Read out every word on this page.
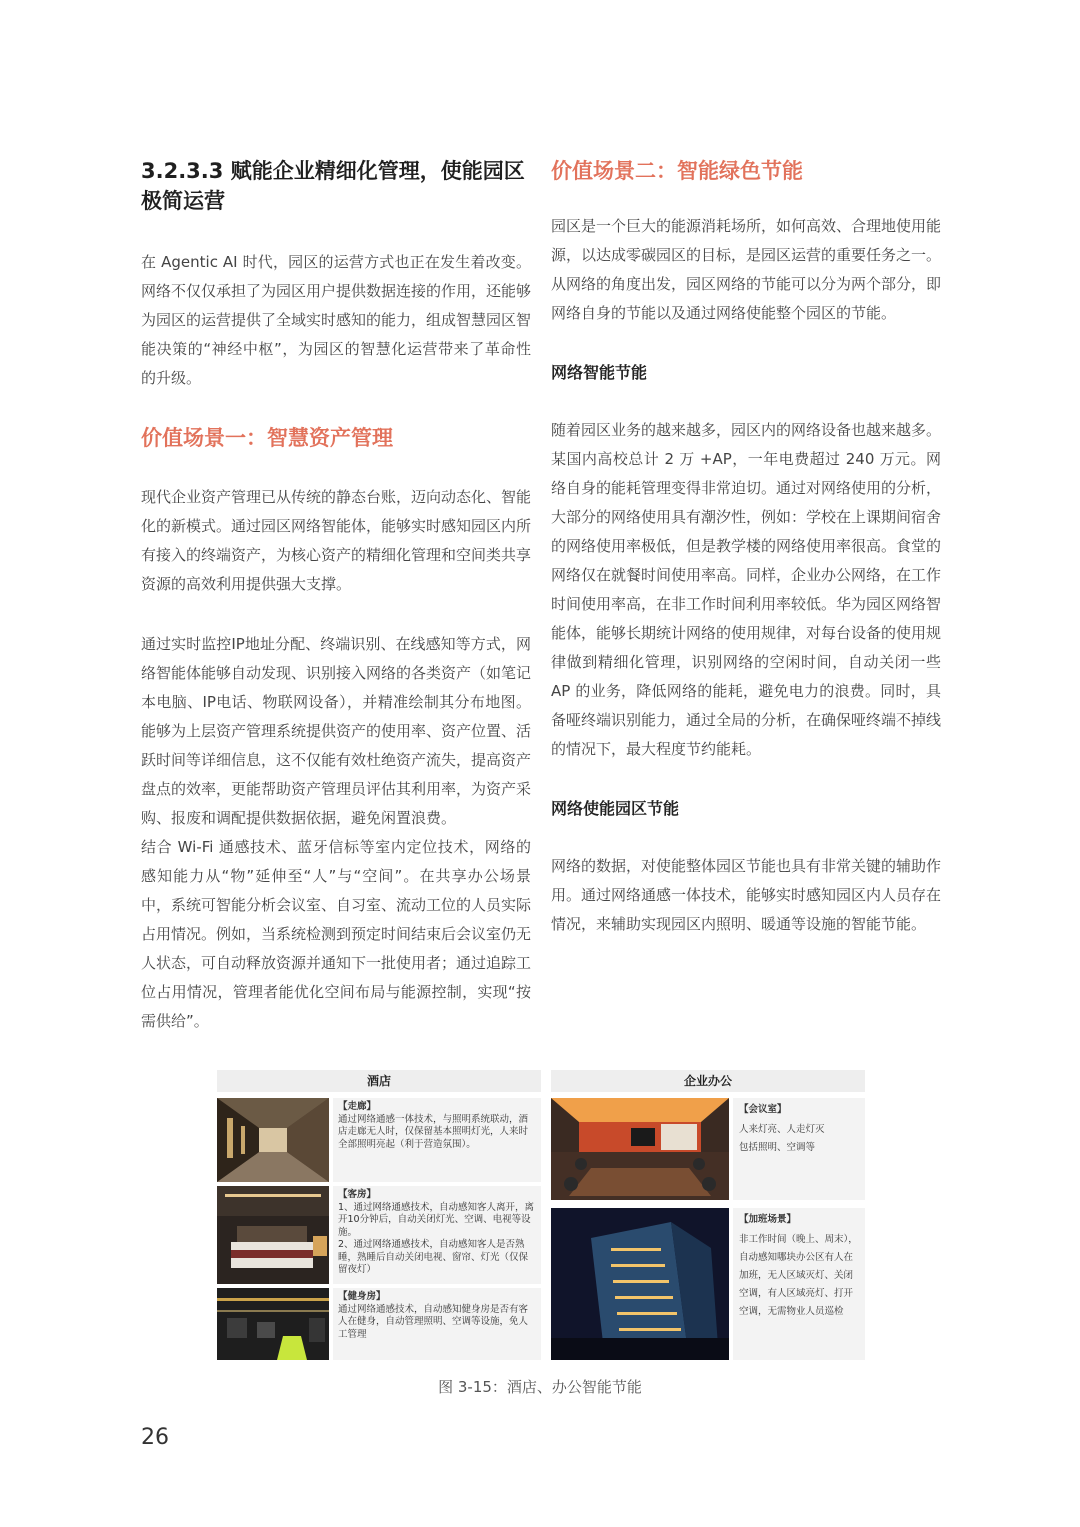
3.2.3.3 赋能企业精细化管理，使能园区极简运营

在 Agentic AI 时代，园区的运营方式也正在发生着改变。网络不仅仅承担了为园区用户提供数据连接的作用，还能够为园区的运营提供了全域实时感知的能力，组成智慧园区智能决策的“神经中枢”，为园区的智慧化运营带来了革命性的升级。

价值场景一：智慧资产管理

现代企业资产管理已从传统的静态台账，迈向动态化、智能化的新模式。通过园区网络智能体，能够实时感知园区内所有接入的终端资产，为核心资产的精细化管理和空间类共享资源的高效利用提供强大支撑。

通过实时监控IP地址分配、终端识别、在线感知等方式，网络智能体能够自动发现、识别接入网络的各类资产（如笔记本电脑、IP电话、物联网设备），并精准绘制其分布地图。能够为上层资产管理系统提供资产的使用率、资产位置、活跃时间等详细信息，这不仅能有效杜绝资产流失，提高资产盘点的效率，更能帮助资产管理员评估其利用率，为资产采购、报废和调配提供数据依据，避免闲置浪费。

结合 Wi-Fi 通感技术、蓝牙信标等室内定位技术，网络的感知能力从“物”延伸至“人”与“空间”。在共享办公场景中，系统可智能分析会议室、自习室、流动工位的人员实际占用情况。例如，当系统检测到预定时间结束后会议室仍无人状态，可自动释放资源并通知下一批使用者；通过追踪工位占用情况，管理者能优化空间布局与能源控制，实现“按需供给”。

价值场景二：智能绿色节能

园区是一个巨大的能源消耗场所，如何高效、合理地使用能源，以达成零碳园区的目标，是园区运营的重要任务之一。从网络的角度出发，园区网络的节能可以分为两个部分，即网络自身的节能以及通过网络使能整个园区的节能。

网络智能节能

随着园区业务的越来越多，园区内的网络设备也越来越多。某国内高校总计 2 万 +AP，一年电费超过 240 万元。网络自身的能耗管理变得非常迫切。通过对网络使用的分析，大部分的网络使用具有潮汐性，例如：学校在上课期间宿舍的网络使用率极低，但是教学楼的网络使用率很高。食堂的网络仅在就餐时间使用率高。同样，企业办公网络，在工作时间使用率高，在非工作时间利用率较低。华为园区网络智能体，能够长期统计网络的使用规律，对每台设备的使用规律做到精细化管理，识别网络的空闲时间，自动关闭一些 AP 的业务，降低网络的能耗，避免电力的浪费。同时，具备哑终端识别能力，通过全局的分析，在确保哑终端不掉线的情况下，最大程度节约能耗。

网络使能园区节能

网络的数据，对使能整体园区节能也具有非常关键的辅助作用。通过网络通感一体技术，能够实时感知园区内人员存在情况，来辅助实现园区内照明、暖通等设施的智能节能。

酒店
【走廊】
通过网络通感一体技术，与照明系统联动，酒店走廊无人时，仅保留基本照明灯光，人来时全部照明亮起（利于营造氛围）。
【客房】
1、通过网络通感技术，自动感知客人离开，离开10分钟后，自动关闭灯光、空调、电视等设施。
2、通过网络通感技术，自动感知客人是否熟睡，熟睡后自动关闭电视、窗帘、灯光（仅保留夜灯）
【健身房】
通过网络通感技术，自动感知健身房是否有客人在健身，自动管理照明、空调等设施，免人工管理
企业办公
【会议室】
人来灯亮、人走灯灭
包括照明、空调等
【加班场景】
非工作时间（晚上、周末），自动感知哪块办公区有人在加班，无人区域灭灯、关闭空调，有人区域亮灯、打开空调，无需物业人员巡检
图 3-15：酒店、办公智能节能
26
